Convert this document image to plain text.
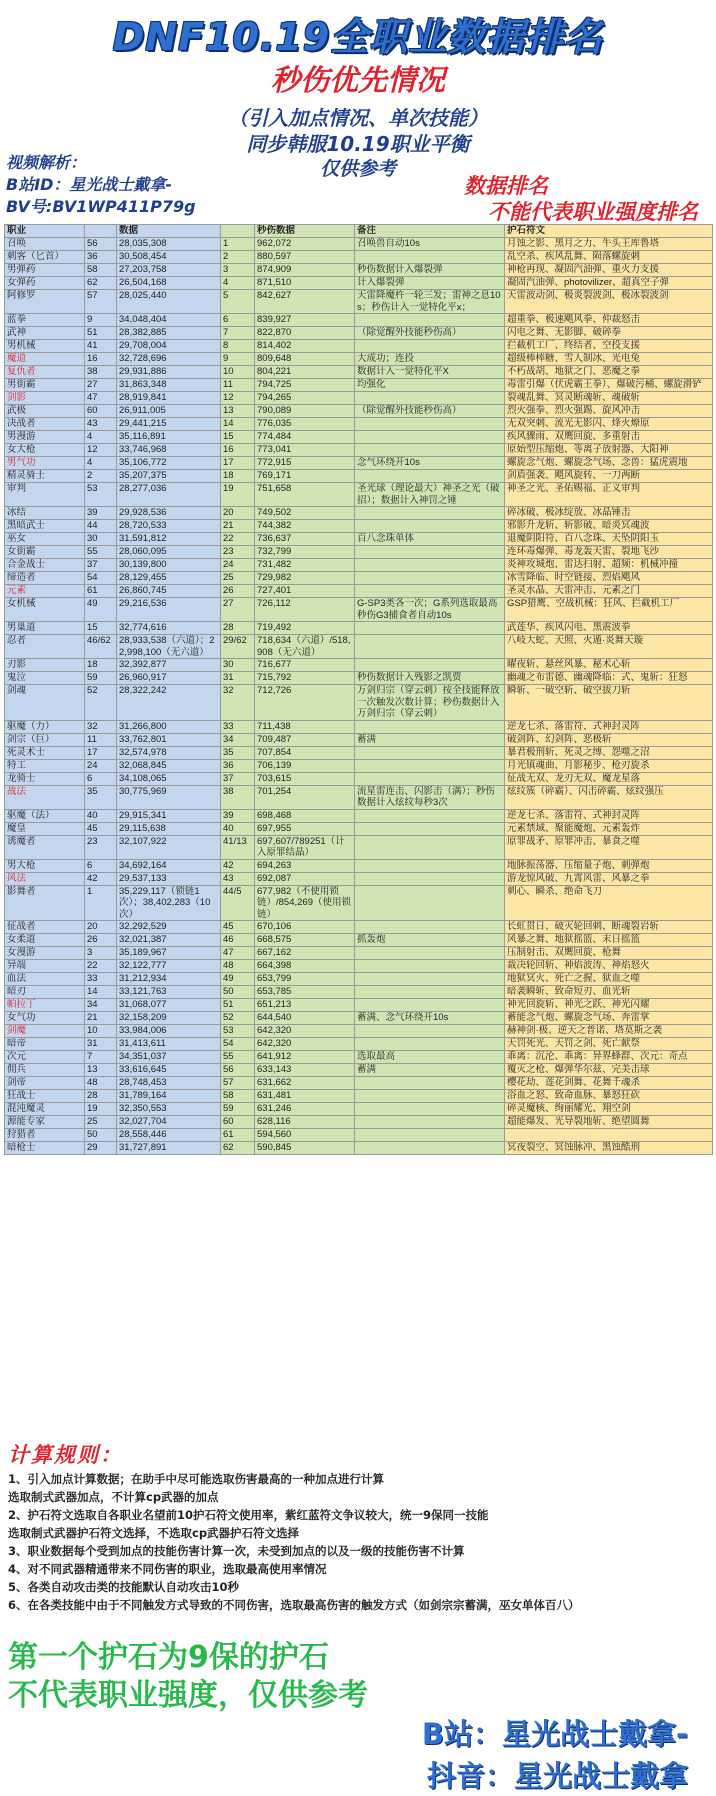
DNF10.19全职业数据排名
秒伤优先情况
（引入加点情况、单次技能）
同步韩服10.19职业平衡
仅供参考
视频解析：
B站ID：星光战士戴拿-
BV号:BV1WP411P79g
数据排名
不能代表职业强度排名
职业		数据		秒伤数据	备注	护石符文	
召唤	56	28,035,308	1	962,072	召唤兽自动10s	月蚀之影、黑月之力、牛头王库鲁塔	
刺客（匕首）	36	30,508,454	2	880,597		乱空杀、疾风乱舞、陨落螺旋刺	
男弹药	58	27,203,758	3	874,909	秒伤数据计入爆裂弹	神枪再现、凝固汽油弹、重火力支援	
女弹药	62	26,504,168	4	871,510	计入爆裂弹	凝固汽油弹、photovilizer、超真空子弹	
阿修罗	57	28,025,440	5	842,627	天雷降魔杵一轮三发；雷神之息10s；秒伤计入一觉特化平x；	天雷波动剑、极炎裂波剑、极冰裂波剑	
蓝拳	9	34,048,404	6	839,927		超重拳、极速飓风拳、仲裁怒击	
武神	51	28,382,885	7	822,870	（除觉醒外技能秒伤高）	闪电之舞、无影脚、破碎拳	
男机械	41	29,708,004	8	814,402		拦截机工厂、终结者、空投支援	
魔道	16	32,728,696	9	809,648	大成功；连投	超级棒棒糖、雪人制冰、光电兔	
复仇者	38	29,931,886	10	804,221	数据计入一觉特化平X	不朽战胡、地狱之门、恶魔之拳	
男街霸	27	31,863,348	11	794,725	均强化	毒雷引爆（伏虎霸王拳）、爆破污桶、螺旋滑铲	
剑影	47	28,919,841	12	794,265		裂魂乱舞、冥灵断魂斩、魂破斩	
武极	60	26,911,005	13	790,089	（除觉醒外技能秒伤高）	烈火强拳、烈火强踢、旋风冲击	
决战者	43	29,441,215	14	776,035		无双突刺、流光无影闪、烽火燎原	
男漫游	4	35,116,891	15	774,484		疾风骤雨、双鹰回旋、多重射击	
女大枪	12	33,746,968	16	773,041		原始型压缩炮、等离子放射器、大阳神	
男气功	4	35,106,772	17	772,915	念气环绕开10s	螺旋念气炮、螺旋念气场、念兽：猛虎震地	
精灵骑士	2	35,207,375	18	769,171		剑盾强袭、飓风旋转、一刀两断	
审判	53	28,277,036	19	751,658	圣光球（理论最大）神圣之光（破招）；数据计入神罚之锤	神圣之光、圣佑赐福、正义审判	
冰结	39	29,928,536	20	749,502		碎冰破、极冰绽放、冰晶锤击	
黑暗武士	44	28,720,533	21	744,382		邪影升龙斩、斩影破、暗炎冥魂波	
巫女	30	31,591,812	22	736,637	百八念珠单体	退魔阴阳符、百八念珠、天坠阴阳玉	
女街霸	55	28,060,095	23	732,799		连环毒爆弹、毒龙轰天雷、裂地飞沙	
合金战士	37	30,139,800	24	731,482		炎神攻城炮、雷达扫射、超频：机械冲撞	
缔造者	54	28,129,455	25	729,982		冰雪降临、时空链接、烈焰飓风	
元素	61	26,860,745	26	727,401		圣灵水晶、天雷冲击、元素之门	
女机械	49	29,216,536	27	726,112	G-SP3类各一次；G系列选取最高秒伤G3捕食者自动10s	GSP猎鹰、空战机械：狂风、拦截机工厂	
男巢道	15	32,774,616	28	719,492		武莲华、疾风闪电、黑震波拳	
忍者	46/62	28,933,538（六道）；22,998,100（无六道）	29/62	718,634（六道）/518,908（无六道）		八岐大蛇、天照、火遁·炎舞天璇	
刃影	18	32,392,877	30	716,677		曜夜斩、悬丝风暴、秘术心斩	
鬼泣	59	26,960,917	31	715,792	秒伤数据计入残影之凯贾	幽魂之布雷德、幽魂降临：式、鬼斩：狂怒	
剑魂	52	28,322,242	32	712,726	万剑归宗（穿云刺）按全技能释放一次触发次数计算；秒伤数据计入万剑归宗（穿云刺）	瞬斩、一破空斩、破空拔刀斩	
驱魔（力）	32	31,266,800	33	711,438		逆龙七杀、落雷符、式神封灵阵	
剑宗（巨）	11	33,762,801	34	709,487	蓄满	破剑阵、幻剑阵、恶极斩	
死灵术士	17	32,574,978	35	707,854		暴君极刑斩、死灵之缚、怨噬之沼	
特工	24	32,068,845	36	706,139		月光镇魂曲、月影秘步、枪刃旋杀	
龙骑士	6	34,108,065	37	703,615		征战无双、龙刃无双、魔龙星落	
战法	35	30,775,969	38	701,254	流星雷连击、闪影击（满）；秒伤数据计入炫纹每秒3次	炫纹簇（碎霸）、闪击碎霸、炫纹强压	
驱魔（法）	40	29,915,341	39	698,468		逆龙七杀、落雷符、式神封灵阵	
魔皇	45	29,115,638	40	697,955		元素禁域、聚能魔炮、元素轰炸	
诱魔者	23	32,107,922	41/13	697,607/789251（计入原罪结晶）		原罪战矛、原罪冲击、暴食之噬	
男大枪	6	34,692,164	42	694,263		地脉振荡器、压缩量子炮、刺弹炮	
风法	42	29,537,133	43	692,087		游龙惊风破、九霄风雷、风暴之拳	
影舞者	1	35,229,117（锁链1次）；38,402,283（10次）	44/5	677,982（不使用锁链）/854,269（使用锁链）		刺心、瞬杀、绝命飞刀	
征战者	20	32,292,529	45	670,106		长虹贯日、破灭轮回刺、断魂裂岩斩	
女柔道	26	32,021,387	46	668,575	抓轰炮	风暴之舞、地狱摇篮、末日摇篮	
女漫游	3	35,189,967	47	667,162		压制射击、双鹰回旋、枪舞	
异端	22	32,122,777	48	664,398		裁决轮回斩、神焰波涛、神焰怒火	
血法	33	31,212,934	49	653,799		地狱冥火、死亡之握、狱血之噬	
暗刃	14	33,121,763	50	653,785		暗袭瞬斩、致命短刃、血光斩	
帕拉丁	34	31,068,077	51	651,213		神光回旋斩、神光之跃、神光闪耀	
女气功	21	32,158,209	52	644,540	蓄满、念气环绕开10s	蓄能念气炮、螺旋念气场、奔雷掌	
剑魔	10	33,984,006	53	642,320		赫神剑·极、逆天之普诺、塔莫斯之袭	
暗帝	31	31,413,611	54	642,320		天罚死光、天罚之剑、死亡献祭	
次元	7	34,351,037	55	641,912	选取最高	乖离：沉沦、乖离：异界蜂群、次元：奇点	
佣兵	13	33,616,645	56	633,143	蓄满	覆灭之枪、爆弹华尔兹、完美击球	
剑帝	48	28,748,453	57	631,662		樱花劫、莲花剑舞、花舞千魂杀	
狂战士	28	31,789,164	58	631,481		浴血之怒、致命血脉、暴怒狂砍	
混沌魔灵	19	32,350,553	59	631,246		碎灵魔核、绚丽耀光、翔空剑	
源能专家	25	32,027,704	60	628,116		超能爆发、光导裂地斩、绝望圆舞	
狩猎者	50	28,558,446	61	594,560			
暗枪士	29	31,727,891	62	590,845		冥夜裂空、冥蚀脉冲、黑蚀酷刑	
计算规则：
1、引入加点计算数据；在助手中尽可能选取伤害最高的一种加点进行计算
选取制式武器加点，不计算cp武器的加点
2、护石符文选取自各职业名望前10护石符文使用率，紫红蓝符文争议较大，统一9保同一技能
选取制式武器护石符文选择，不选取cp武器护石符文选择
3、职业数据每个受到加点的技能伤害计算一次，未受到加点的以及一级的技能伤害不计算
4、对不同武器精通带来不同伤害的职业，选取最高使用率情况
5、各类自动攻击类的技能默认自动攻击10秒
6、在各类技能中由于不同触发方式导致的不同伤害，选取最高伤害的触发方式（如剑宗宗蓄满，巫女单体百八）
第一个护石为9保的护石
不代表职业强度，仅供参考
B站：星光战士戴拿-
抖音：星光战士戴拿
